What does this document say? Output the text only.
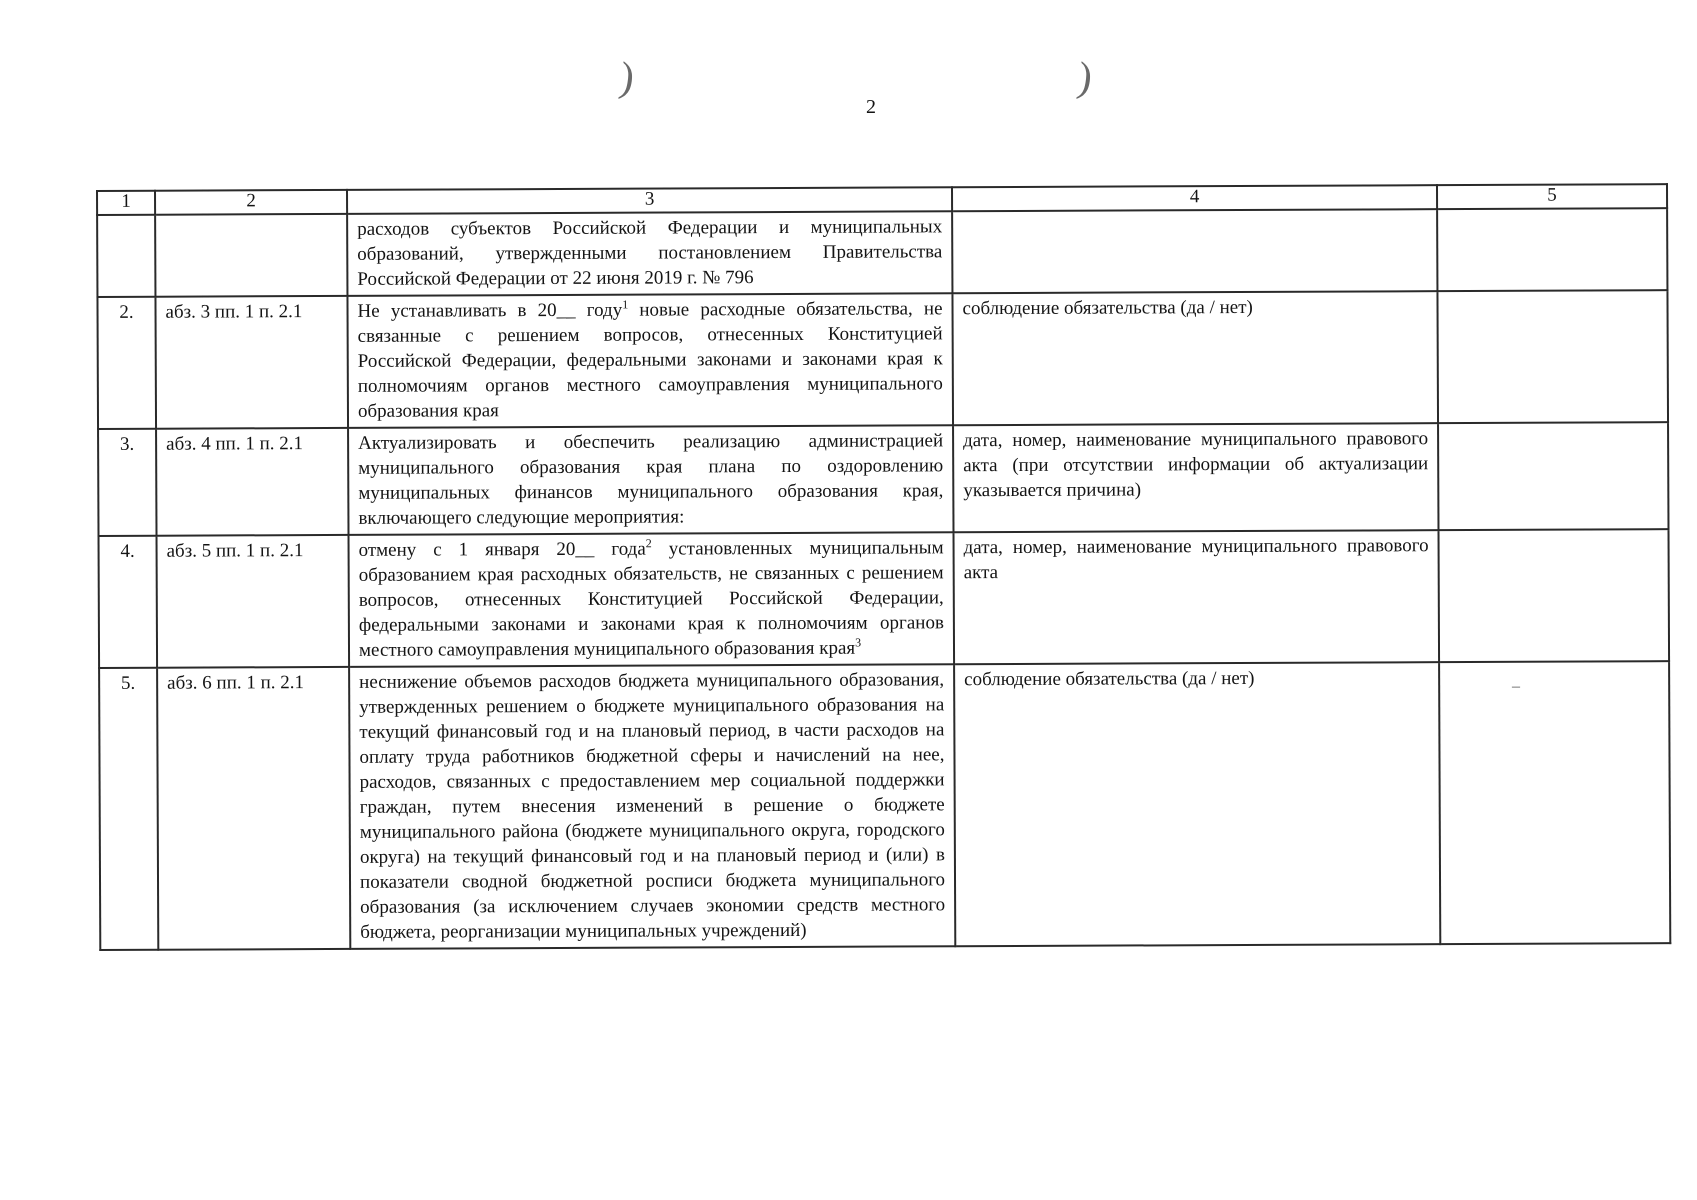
)	)
2
1	2	3	4	5
		расходов субъектов Российской Федерации и муниципальных образований, утвержденными постановлением Правительства Российской Федерации от 22 июня 2019 г. № 796		
2.	абз. 3 пп. 1 п. 2.1	Не устанавливать в 20__ году$^1$ новые расходные обязательства, не связанные с решением вопросов, отнесенных Конституцией Российской Федерации, федеральными законами и законами края к полномочиям органов местного самоуправления муниципального образования края	соблюдение обязательства (да / нет)	
3.	абз. 4 пп. 1 п. 2.1	Актуализировать и обеспечить реализацию администрацией муниципального образования края плана по оздоровлению муниципальных финансов муниципального образования края, включающего следующие мероприятия:	дата, номер, наименование муниципального правового акта (при отсутствии информации об актуализации указывается причина)	
4.	абз. 5 пп. 1 п. 2.1	отмену с 1 января 20__ года$^2$ установленных муниципальным образованием края расходных обязательств, не связанных с решением вопросов, отнесенных Конституцией Российской Федерации, федеральными законами и законами края к полномочиям органов местного самоуправления муниципального образования края$^3$	дата, номер, наименование муниципального правового акта	
5.	абз. 6 пп. 1 п. 2.1	неснижение объемов расходов бюджета муниципального образования, утвержденных решением о бюджете муниципального образования на текущий финансовый год и на плановый период, в части расходов на оплату труда работников бюджетной сферы и начислений на нее, расходов, связанных с предоставлением мер социальной поддержки граждан, путем внесения изменений в решение о бюджете муниципального района (бюджете муниципального округа, городского округа) на текущий финансовый год и на плановый период и (или) в показатели сводной бюджетной росписи бюджета муниципального образования (за исключением случаев экономии средств местного бюджета, реорганизации муниципальных учреждений)	соблюдение обязательства (да / нет)		‒
